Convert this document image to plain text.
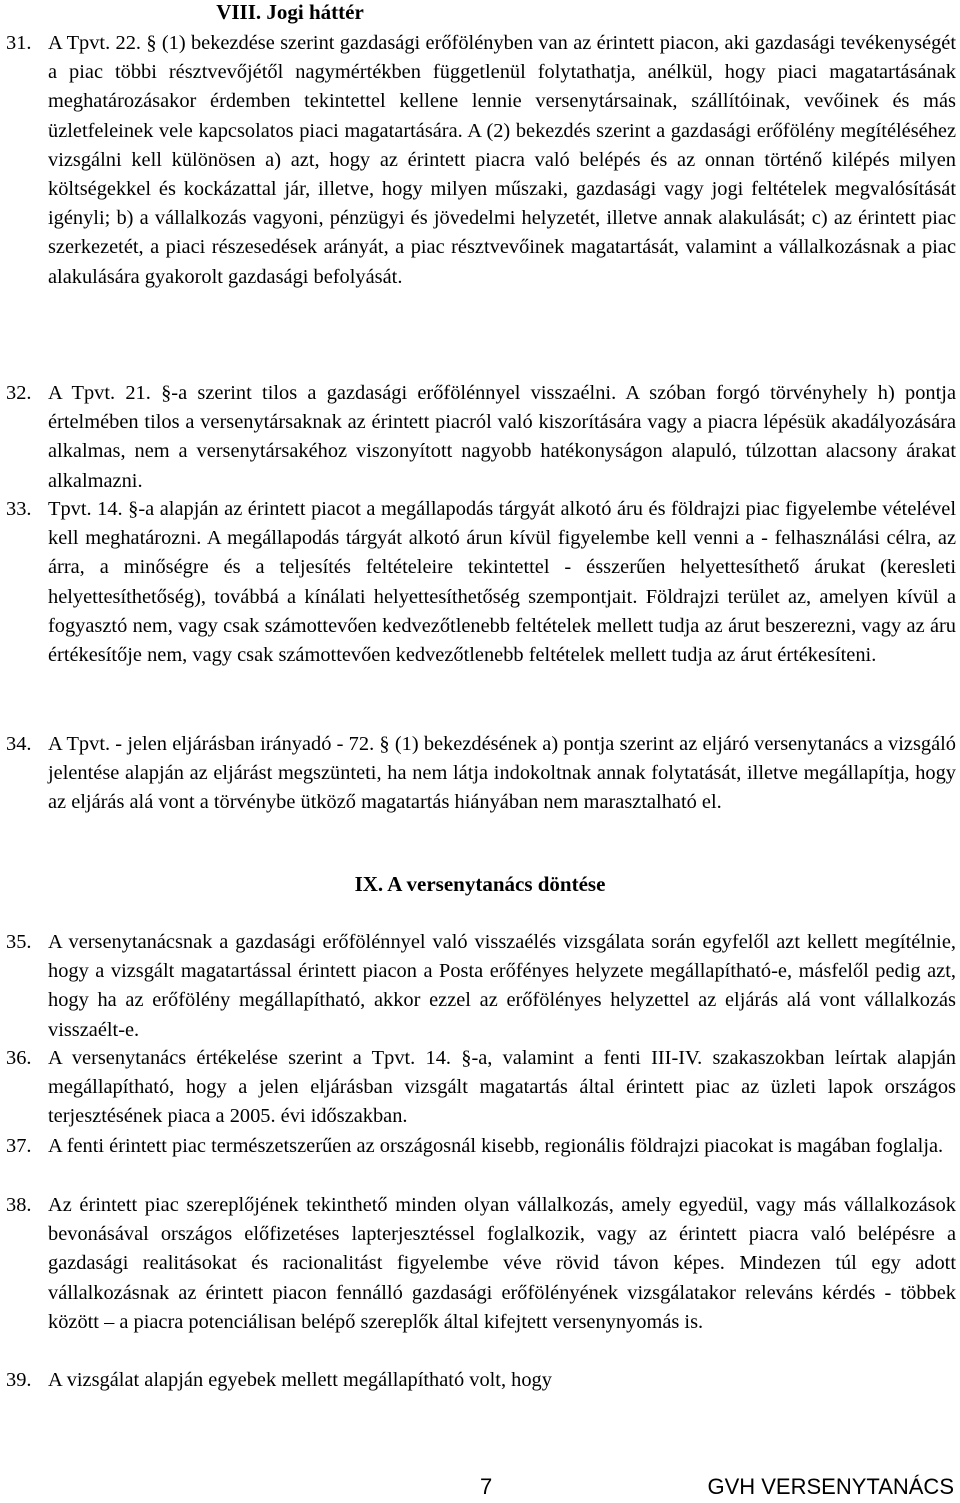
VIII. Jogi háttér
31. A Tpvt. 22. § (1) bekezdése szerint gazdasági erőfölényben van az érintett piacon, aki gazdasági tevékenységét a piac többi résztvevőjétől nagymértékben függetlenül folytathatja, anélkül, hogy piaci magatartásának meghatározásakor érdemben tekintettel kellene lennie versenytársainak, szállítóinak, vevőinek és más üzletfeleinek vele kapcsolatos piaci magatartására. A (2) bekezdés szerint a gazdasági erőfölény megítéléséhez vizsgálni kell különösen a) azt, hogy az érintett piacra való belépés és az onnan történő kilépés milyen költségekkel és kockázattal jár, illetve, hogy milyen műszaki, gazdasági vagy jogi feltételek megvalósítását igényli; b) a vállalkozás vagyoni, pénzügyi és jövedelmi helyzetét, illetve annak alakulását; c) az érintett piac szerkezetét, a piaci részesedések arányát, a piac résztvevőinek magatartását, valamint a vállalkozásnak a piac alakulására gyakorolt gazdasági befolyását.

32. A Tpvt. 21. §-a szerint tilos a gazdasági erőfölénnyel visszaélni. A szóban forgó törvényhely h) pontja értelmében tilos a versenytársaknak az érintett piacról való kiszorítására vagy a piacra lépésük akadályozására alkalmas, nem a versenytársakéhoz viszonyított nagyobb hatékonyságon alapuló, túlzottan alacsony árakat alkalmazni.

33. Tpvt. 14. §-a alapján az érintett piacot a megállapodás tárgyát alkotó áru és földrajzi piac figyelembe vételével kell meghatározni. A megállapodás tárgyát alkotó árun kívül figyelembe kell venni a - felhasználási célra, az árra, a minőségre és a teljesítés feltételeire tekintettel - ésszerűen helyettesíthető árukat (keresleti helyettesíthetőség), továbbá a kínálati helyettesíthetőség szempontjait. Földrajzi terület az, amelyen kívül a fogyasztó nem, vagy csak számottevően kedvezőtlenebb feltételek mellett tudja az árut beszerezni, vagy az áru értékesítője nem, vagy csak számottevően kedvezőtlenebb feltételek mellett tudja az árut értékesíteni.

34. A Tpvt. - jelen eljárásban irányadó - 72. § (1) bekezdésének a) pontja szerint az eljáró versenytanács a vizsgáló jelentése alapján az eljárást megszünteti, ha nem látja indokoltnak annak folytatását, illetve megállapítja, hogy az eljárás alá vont a törvénybe ütköző magatartás hiányában nem marasztalható el.

IX. A versenytanács döntése
35. A versenytanácsnak a gazdasági erőfölénnyel való visszaélés vizsgálata során egyfelől azt kellett megítélnie, hogy a vizsgált magatartással érintett piacon a Posta erőfényes helyzete megállapítható-e, másfelől pedig azt, hogy ha az erőfölény megállapítható, akkor ezzel az erőfölényes helyzettel az eljárás alá vont vállalkozás visszaélt-e.

36. A versenytanács értékelése szerint a Tpvt. 14. §-a, valamint a fenti III-IV. szakaszokban leírtak alapján megállapítható, hogy a jelen eljárásban vizsgált magatartás által érintett piac az üzleti lapok országos terjesztésének piaca a 2005. évi időszakban.

37. A fenti érintett piac természetszerűen az országosnál kisebb, regionális földrajzi piacokat is magában foglalja.

38. Az érintett piac szereplőjének tekinthető minden olyan vállalkozás, amely egyedül, vagy más vállalkozások bevonásával országos előfizetéses lapterjesztéssel foglalkozik, vagy az érintett piacra való belépésre a gazdasági realitásokat és racionalitást figyelembe véve rövid távon képes. Mindezen túl egy adott vállalkozásnak az érintett piacon fennálló gazdasági erőfölényének vizsgálatakor releváns kérdés - többek között – a piacra potenciálisan belépő szereplők által kifejtett versenynyomás is.

39. A vizsgálat alapján egyebek mellett megállapítható volt, hogy

7	GVH VERSENYTANÁCS
